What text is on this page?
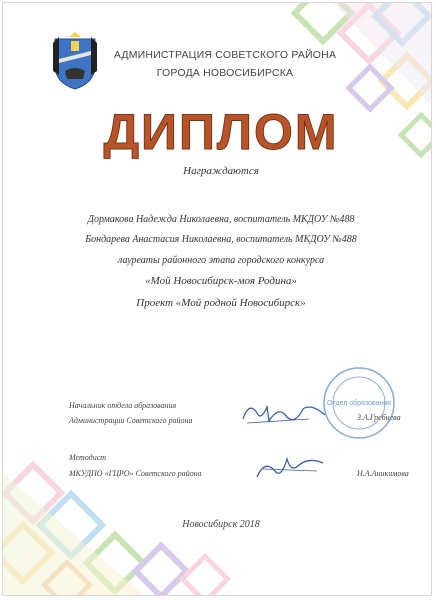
АДМИНИСТРАЦИЯ СОВЕТСКОГО РАЙОНА
ГОРОДА НОВОСИБИРСКА
ДИПЛОМ
Награждаются
Дормакова Надежда Николаевна, воспитатель МКДОУ №488
Бондарева Анастасия Николаевна, воспитатель МКДОУ №488
лауреаты районного этапа городского конкурса
«Мой Новосибирск-моя Родина»
Проект «Мой родной Новосибирск»
Начальник отдела образования
Администрации Советского района	З.А.Гребнева
Методист
МКУДПО «ГЦРО» Советского района	Н.А.Аникимова
Отдел образования
Новосибирск 2018
